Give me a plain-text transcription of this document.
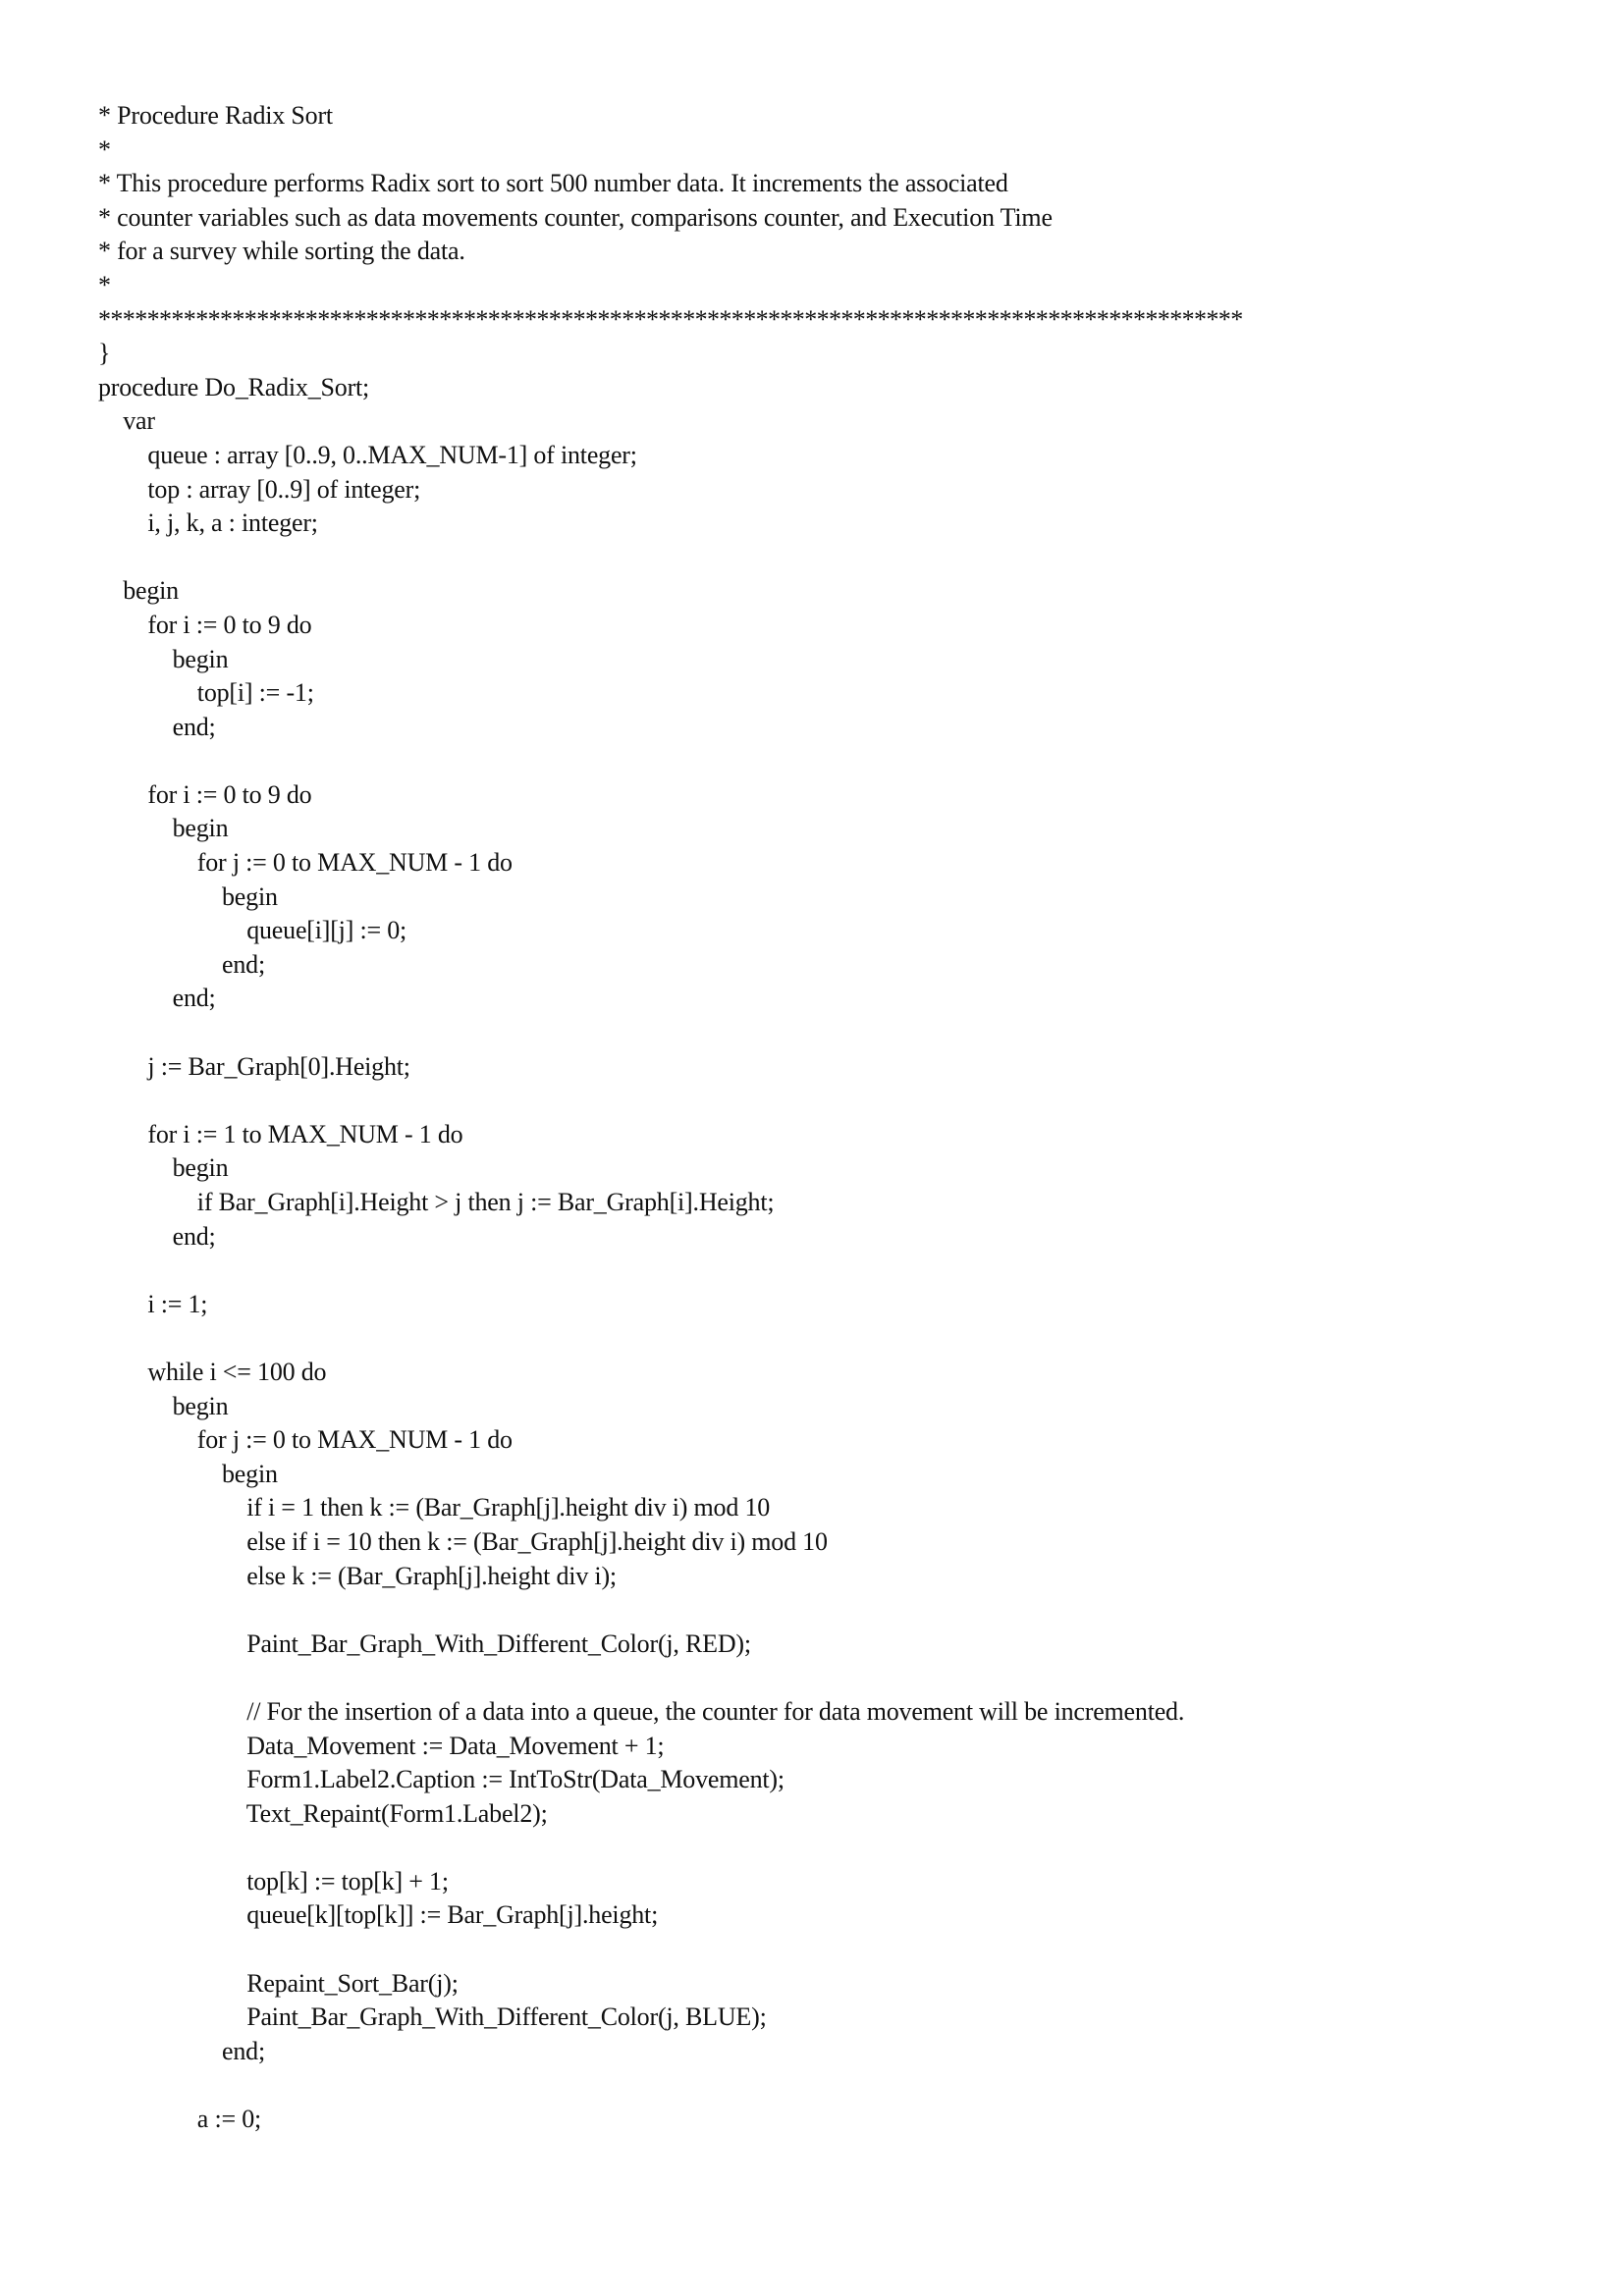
* Procedure Radix Sort
*
* This procedure performs Radix sort to sort 500 number data. It increments the associated
* counter variables such as data movements counter, comparisons counter, and Execution Time
* for a survey while sorting the data.
*
**********************************************************************************************
}
procedure Do_Radix_Sort;
var
queue : array [0..9, 0..MAX_NUM-1] of integer;
top : array [0..9] of integer;
i, j, k, a : integer;
begin
for i := 0 to 9 do
begin
top[i] := -1;
end;
for i := 0 to 9 do
begin
for j := 0 to MAX_NUM - 1 do
begin
queue[i][j] := 0;
end;
end;
j := Bar_Graph[0].Height;
for i := 1 to MAX_NUM - 1 do
begin
if Bar_Graph[i].Height > j then j := Bar_Graph[i].Height;
end;
i := 1;
while i <= 100 do
begin
for j := 0 to MAX_NUM - 1 do
begin
if i = 1 then k := (Bar_Graph[j].height div i) mod 10
else if i = 10 then k := (Bar_Graph[j].height div i) mod 10
else k := (Bar_Graph[j].height div i);
Paint_Bar_Graph_With_Different_Color(j, RED);
// For the insertion of a data into a queue, the counter for data movement will be incremented.
Data_Movement := Data_Movement + 1;
Form1.Label2.Caption := IntToStr(Data_Movement);
Text_Repaint(Form1.Label2);
top[k] := top[k] + 1;
queue[k][top[k]] := Bar_Graph[j].height;
Repaint_Sort_Bar(j);
Paint_Bar_Graph_With_Different_Color(j, BLUE);
end;
a := 0;
